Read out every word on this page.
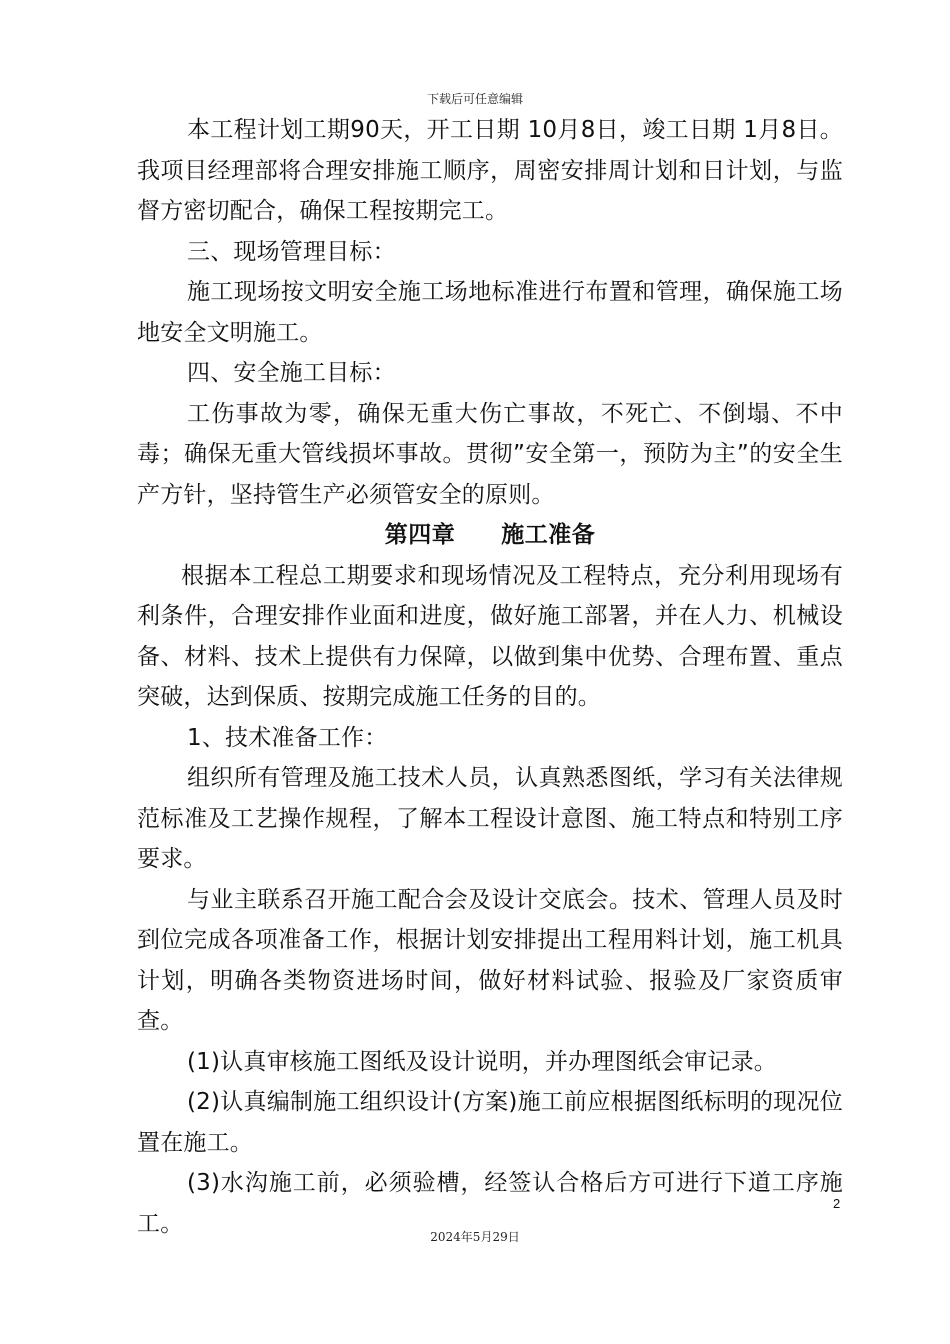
下载后可任意编辑

本工程计划工期90天，开工日期 10月8日，竣工日期 1月8日。我项目经理部将合理安排施工顺序，周密安排周计划和日计划，与监督方密切配合，确保工程按期完工。

三、现场管理目标：

施工现场按文明安全施工场地标准进行布置和管理，确保施工场地安全文明施工。

四、安全施工目标：

工伤事故为零，确保无重大伤亡事故，不死亡、不倒塌、不中毒；确保无重大管线损坏事故。贯彻”安全第一，预防为主”的安全生产方针，坚持管生产必须管安全的原则。

第四章 施工准备

根据本工程总工期要求和现场情况及工程特点，充分利用现场有利条件，合理安排作业面和进度，做好施工部署，并在人力、机械设备、材料、技术上提供有力保障，以做到集中优势、合理布置、重点突破，达到保质、按期完成施工任务的目的。

1、技术准备工作：

组织所有管理及施工技术人员，认真熟悉图纸，学习有关法律规范标准及工艺操作规程，了解本工程设计意图、施工特点和特别工序要求。

与业主联系召开施工配合会及设计交底会。技术、管理人员及时到位完成各项准备工作，根据计划安排提出工程用料计划，施工机具计划，明确各类物资进场时间，做好材料试验、报验及厂家资质审查。

(1)认真审核施工图纸及设计说明，并办理图纸会审记录。

(2)认真编制施工组织设计(方案)施工前应根据图纸标明的现况位置在施工。

(3)水沟施工前，必须验槽，经签认合格后方可进行下道工序施工。

2
2024年5月29日
